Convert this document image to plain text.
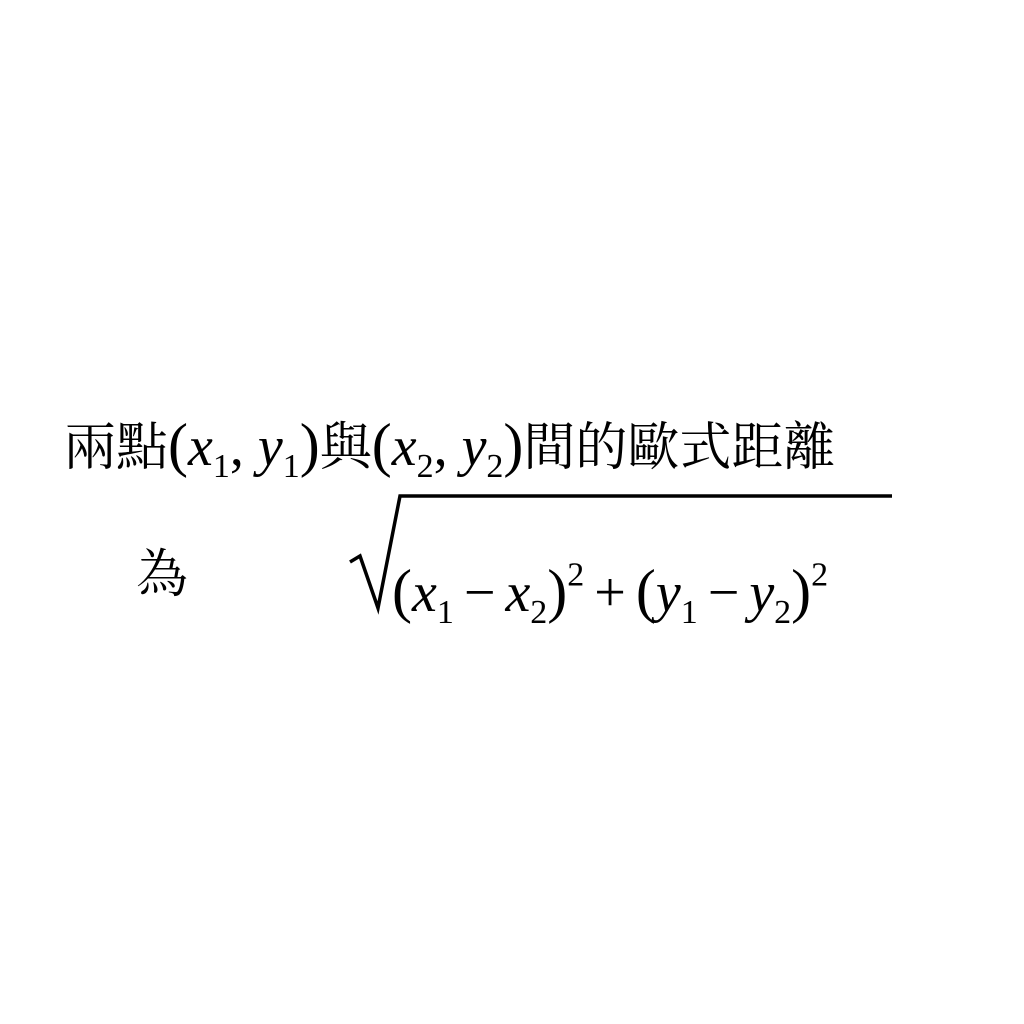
兩點($x_1$, $y_1$)與($x_2$, $y_2$)間的歐式距離
為	$(x_1 - x_2)^2 + (y_1 - y_2)^2$
